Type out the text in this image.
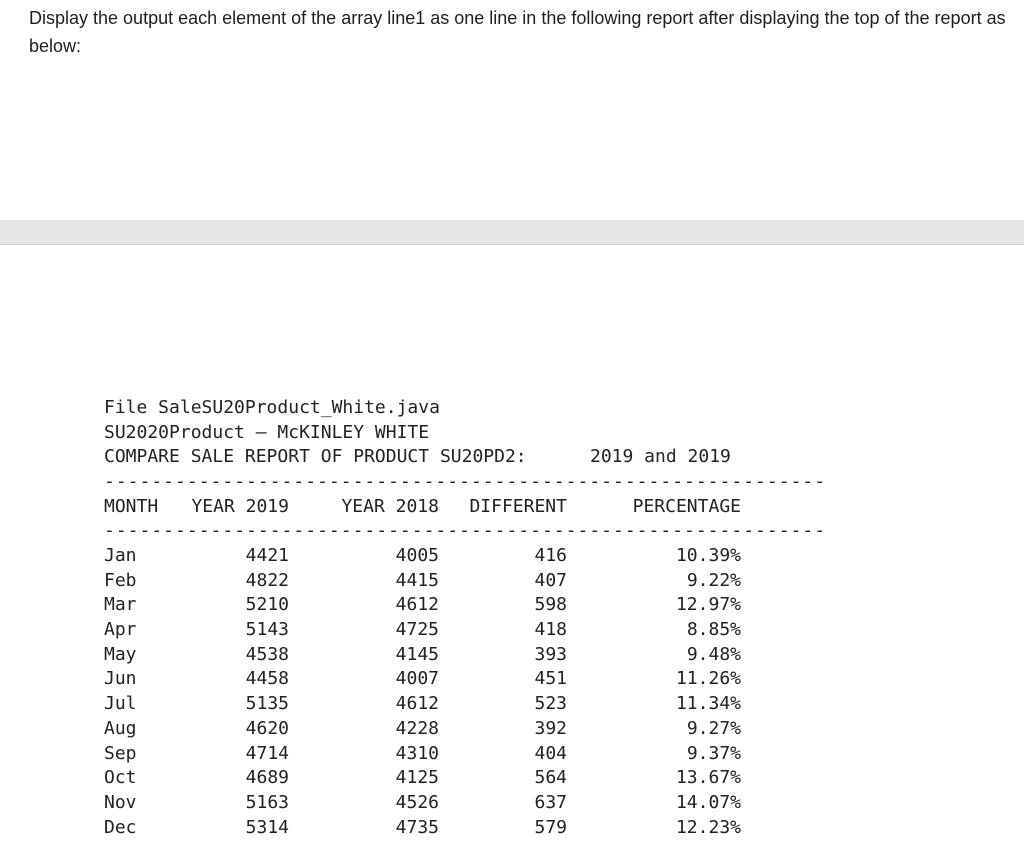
Display the output each element of the array line1 as one line in the following report after displaying the top of the report as below:

File SaleSU20Product_White.java
SU2020Product – McKINLEY WHITE

COMPARE SALE REPORT OF PRODUCT SU20PD2:

	2019 and 2019

-------------------------------------------------------------
MONTH	YEAR 2019	YEAR 2018	DIFFERENT	PERCENTAGE
-------------------------------------------------------------
Jan	4421	4005	416	10.39%
Feb	4822	4415	407	9.22%
Mar	5210	4612	598	12.97%
Apr	5143	4725	418	8.85%
May	4538	4145	393	9.48%
Jun	4458	4007	451	11.26%
Jul	5135	4612	523	11.34%
Aug	4620	4228	392	9.27%
Sep	4714	4310	404	9.37%
Oct	4689	4125	564	13.67%
Nov	5163	4526	637	14.07%
Dec	5314	4735	579	12.23%
